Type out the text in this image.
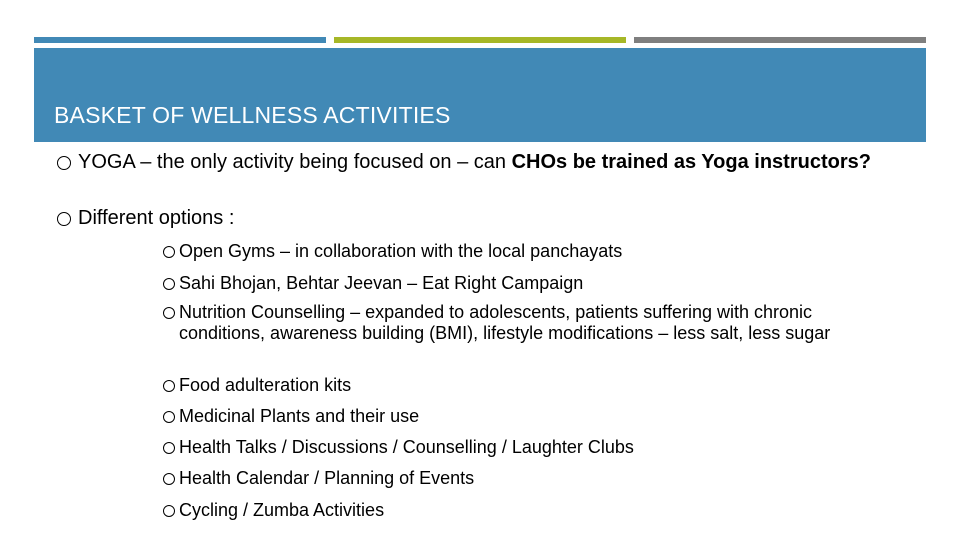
BASKET OF WELLNESS ACTIVITIES
YOGA – the only activity being focused on – can CHOs be trained as Yoga instructors?
Different options :
Open Gyms – in collaboration with the local panchayats
Sahi Bhojan, Behtar Jeevan – Eat Right Campaign
Nutrition Counselling – expanded to adolescents, patients suffering with chronic conditions, awareness building (BMI), lifestyle modifications – less salt, less sugar
Food adulteration kits
Medicinal Plants and their use
Health Talks / Discussions / Counselling / Laughter Clubs
Health Calendar / Planning of Events
Cycling / Zumba Activities
